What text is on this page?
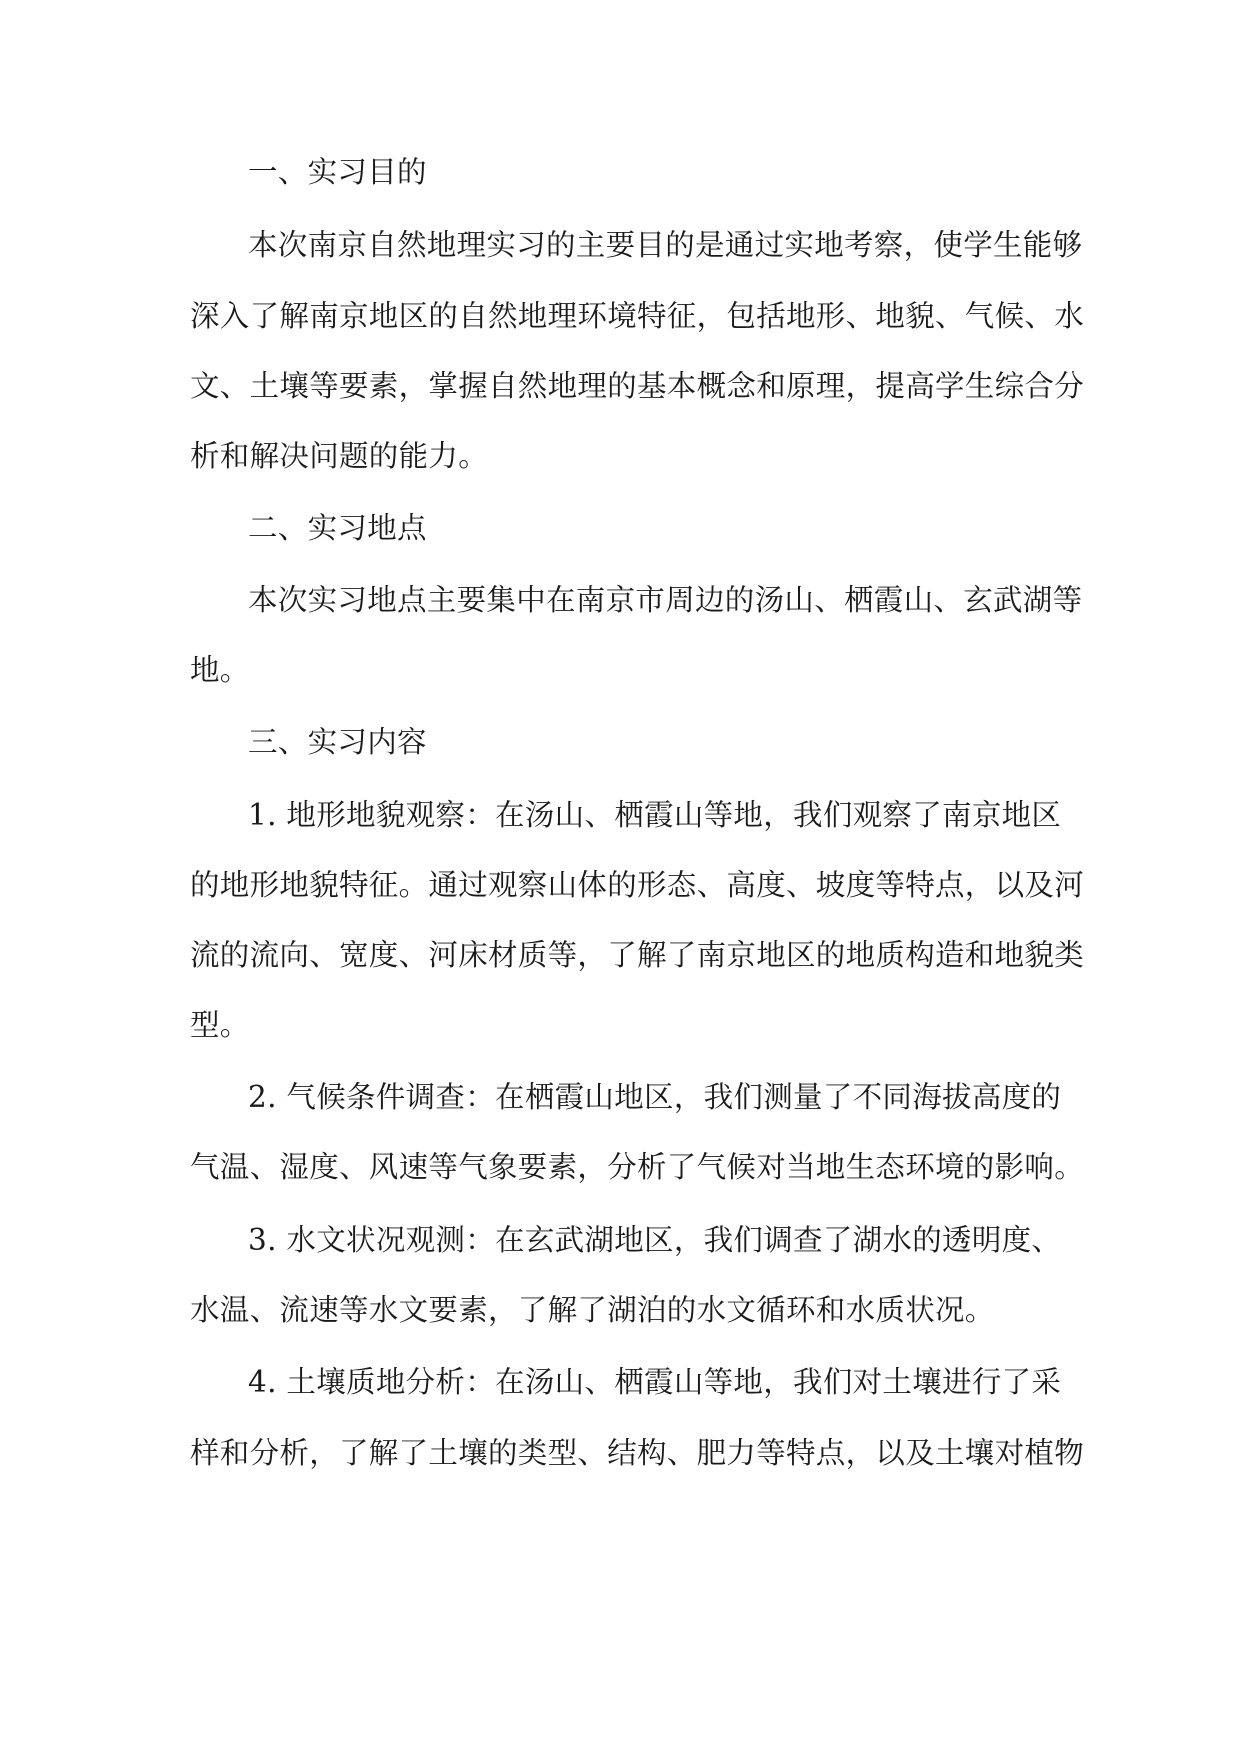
一、实习目的

本次南京自然地理实习的主要目的是通过实地考察，使学生能够

深入了解南京地区的自然地理环境特征，包括地形、地貌、气候、水

文、土壤等要素，掌握自然地理的基本概念和原理，提高学生综合分

析和解决问题的能力。

二、实习地点

本次实习地点主要集中在南京市周边的汤山、栖霞山、玄武湖等

地。

三、实习内容

1. 地形地貌观察：在汤山、栖霞山等地，我们观察了南京地区

的地形地貌特征。通过观察山体的形态、高度、坡度等特点，以及河

流的流向、宽度、河床材质等，了解了南京地区的地质构造和地貌类

型。

2. 气候条件调查：在栖霞山地区，我们测量了不同海拔高度的

气温、湿度、风速等气象要素，分析了气候对当地生态环境的影响。

3. 水文状况观测：在玄武湖地区，我们调查了湖水的透明度、

水温、流速等水文要素，了解了湖泊的水文循环和水质状况。

4. 土壤质地分析：在汤山、栖霞山等地，我们对土壤进行了采

样和分析，了解了土壤的类型、结构、肥力等特点，以及土壤对植物
